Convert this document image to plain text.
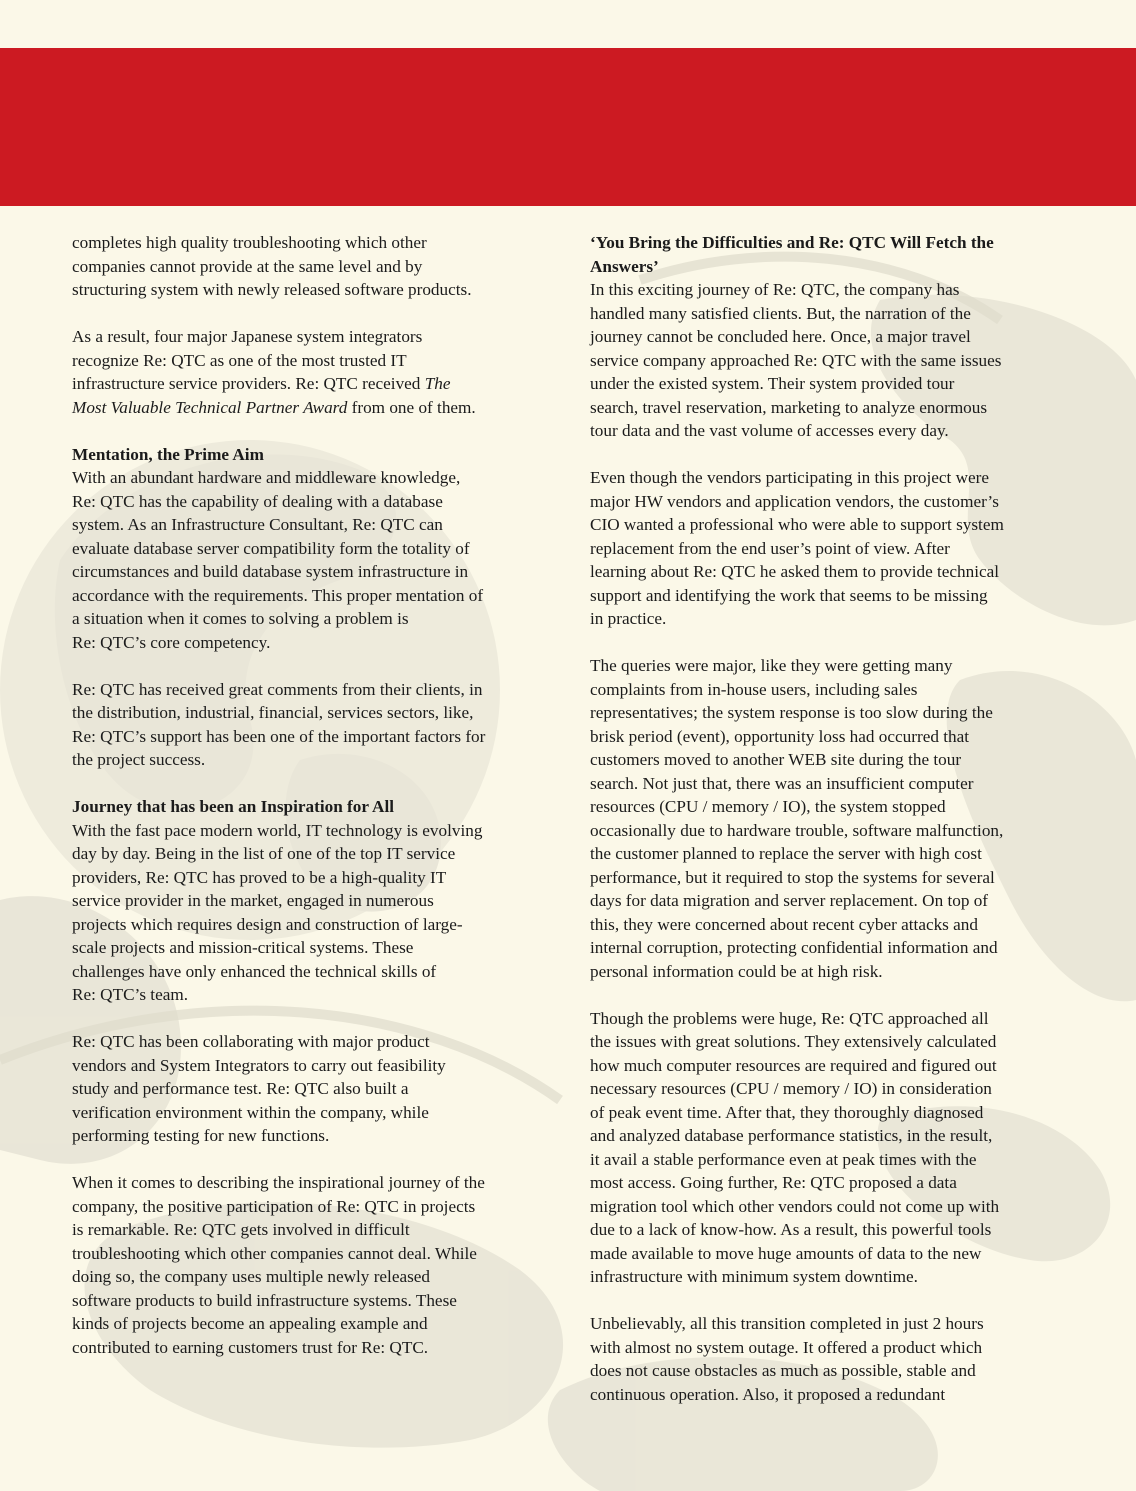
completes high quality troubleshooting which other
companies cannot provide at the same level and by
structuring system with newly released software products.

As a result, four major Japanese system integrators
recognize Re: QTC as one of the most trusted IT
infrastructure service providers. Re: QTC received The
Most Valuable Technical Partner Award from one of them.

Mentation, the Prime Aim

With an abundant hardware and middleware knowledge,
Re: QTC has the capability of dealing with a database
system. As an Infrastructure Consultant, Re: QTC can
evaluate database server compatibility form the totality of
circumstances and build database system infrastructure in
accordance with the requirements. This proper mentation of
a situation when it comes to solving a problem is
Re: QTC’s core competency.

Re: QTC has received great comments from their clients, in
the distribution, industrial, financial, services sectors, like,
Re: QTC’s support has been one of the important factors for
the project success.

Journey that has been an Inspiration for All

With the fast pace modern world, IT technology is evolving
day by day. Being in the list of one of the top IT service
providers, Re: QTC has proved to be a high-quality IT
service provider in the market, engaged in numerous
projects which requires design and construction of large-
scale projects and mission-critical systems. These
challenges have only enhanced the technical skills of
Re: QTC’s team.

Re: QTC has been collaborating with major product
vendors and System Integrators to carry out feasibility
study and performance test. Re: QTC also built a
verification environment within the company, while
performing testing for new functions.

When it comes to describing the inspirational journey of the
company, the positive participation of Re: QTC in projects
is remarkable. Re: QTC gets involved in difficult
troubleshooting which other companies cannot deal. While
doing so, the company uses multiple newly released
software products to build infrastructure systems. These
kinds of projects become an appealing example and
contributed to earning customers trust for Re: QTC.

‘You Bring the Difficulties and Re: QTC Will Fetch the
Answers’

In this exciting journey of Re: QTC, the company has
handled many satisfied clients. But, the narration of the
journey cannot be concluded here. Once, a major travel
service company approached Re: QTC with the same issues
under the existed system. Their system provided tour
search, travel reservation, marketing to analyze enormous
tour data and the vast volume of accesses every day.

Even though the vendors participating in this project were
major HW vendors and application vendors, the customer’s
CIO wanted a professional who were able to support system
replacement from the end user’s point of view. After
learning about Re: QTC he asked them to provide technical
support and identifying the work that seems to be missing
in practice.

The queries were major, like they were getting many
complaints from in-house users, including sales
representatives; the system response is too slow during the
brisk period (event), opportunity loss had occurred that
customers moved to another WEB site during the tour
search. Not just that, there was an insufficient computer
resources (CPU / memory / IO), the system stopped
occasionally due to hardware trouble, software malfunction,
the customer planned to replace the server with high cost
performance, but it required to stop the systems for several
days for data migration and server replacement. On top of
this, they were concerned about recent cyber attacks and
internal corruption, protecting confidential information and
personal information could be at high risk.

Though the problems were huge, Re: QTC approached all
the issues with great solutions. They extensively calculated
how much computer resources are required and figured out
necessary resources (CPU / memory / IO) in consideration
of peak event time. After that, they thoroughly diagnosed
and analyzed database performance statistics, in the result,
it avail a stable performance even at peak times with the
most access. Going further, Re: QTC proposed a data
migration tool which other vendors could not come up with
due to a lack of know-how. As a result, this powerful tools
made available to move huge amounts of data to the new
infrastructure with minimum system downtime.

Unbelievably, all this transition completed in just 2 hours
with almost no system outage. It offered a product which
does not cause obstacles as much as possible, stable and
continuous operation. Also, it proposed a redundant
